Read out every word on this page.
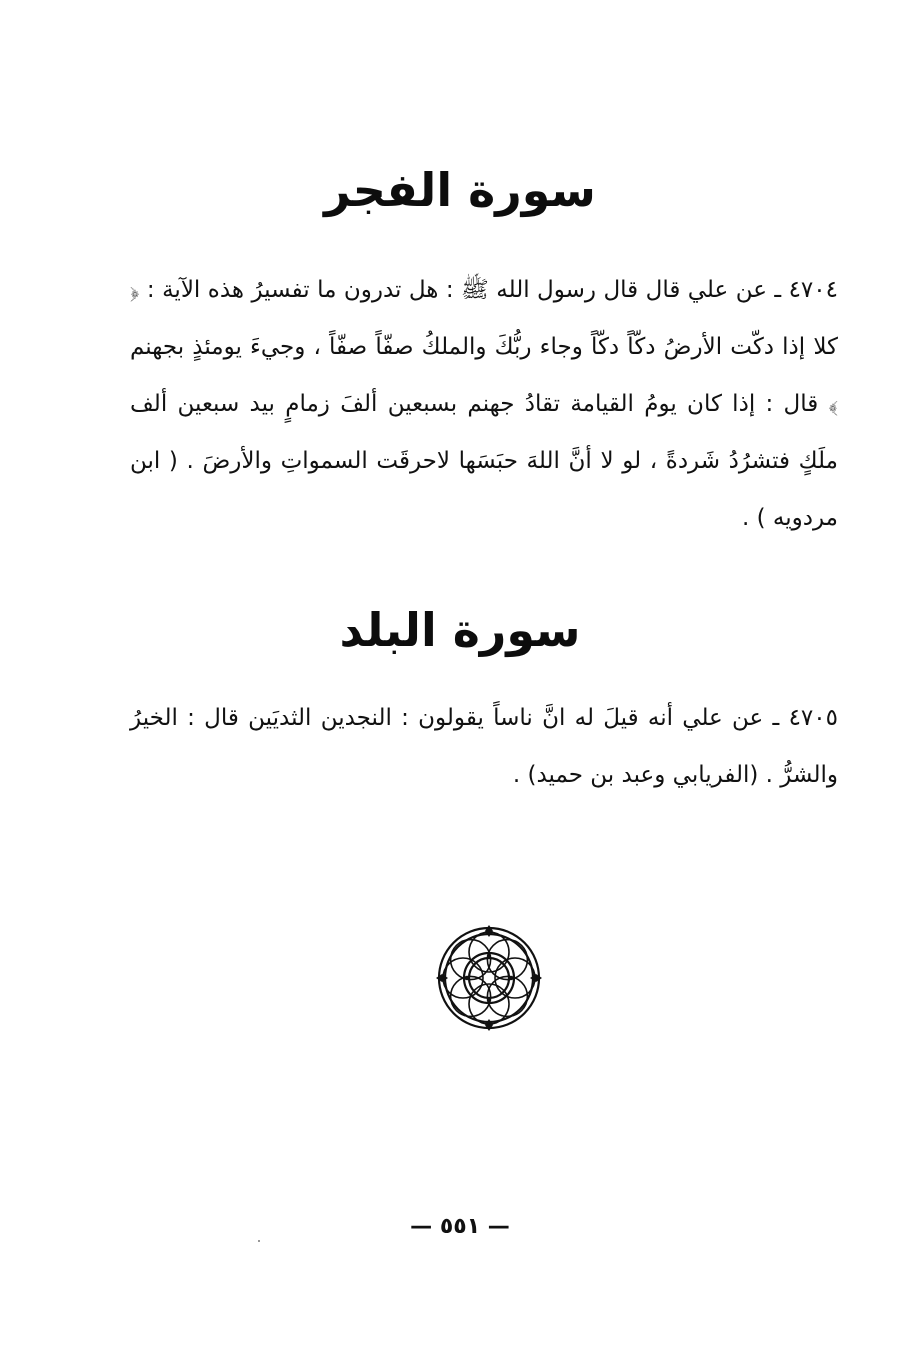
سورة الفجر
٤٧٠٤ ـ عن علي قال قال رسول الله ﷺ : هل تدرون ما تفسيرُ هذه الآية : ﴿ كلا إذا دكّت الأرضُ دكّاً دكّاً وجاء ربُّكَ والملكُ صفّاً صفّاً ، وجيءَ يومئذٍ بجهنم ﴾ قال : إذا كان يومُ القيامة تقادُ جهنم بسبعين ألفَ زمامٍ بيد سبعين ألف ملَكٍ فتشرُدُ شَردةً ، لو لا أنَّ اللهَ حبَسَها لاحرقَت السمواتِ والأرضَ . ( ابن مردويه ) .
سورة البلد
٤٧٠٥ ـ عن علي أنه قيلَ له انَّ ناساً يقولون : النجدين الثديَين قال : الخيرُ والشرُّ . (الفريابي وعبد بن حميد) .
— ٥٥١ —
